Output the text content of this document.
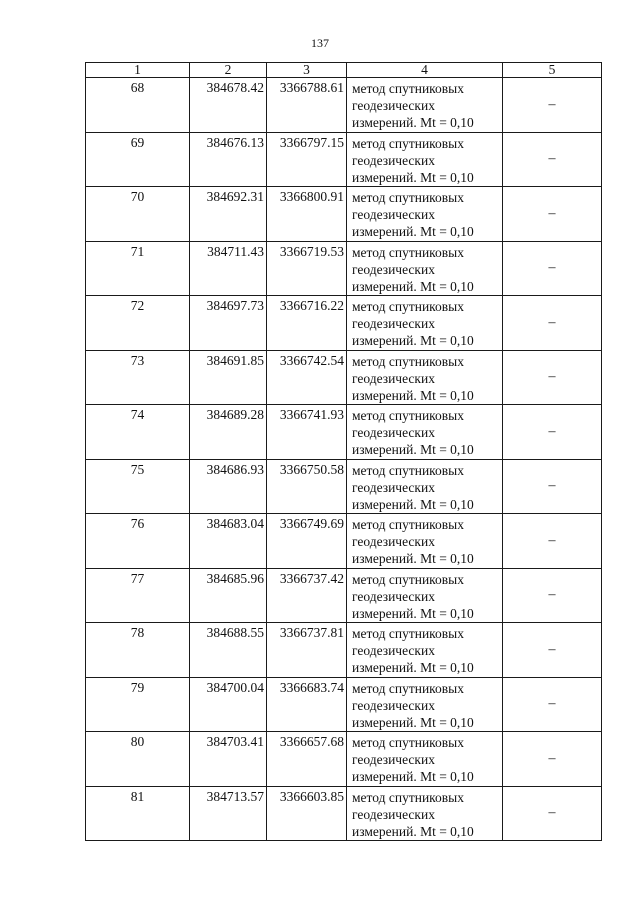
137
1	2	3	4	5
68	384678.42	3366788.61	метод спутниковых
геодезических
измерений. Mt = 0,10	–
69	384676.13	3366797.15	метод спутниковых
геодезических
измерений. Mt = 0,10	–
70	384692.31	3366800.91	метод спутниковых
геодезических
измерений. Mt = 0,10	–
71	384711.43	3366719.53	метод спутниковых
геодезических
измерений. Mt = 0,10	–
72	384697.73	3366716.22	метод спутниковых
геодезических
измерений. Mt = 0,10	–
73	384691.85	3366742.54	метод спутниковых
геодезических
измерений. Mt = 0,10	–
74	384689.28	3366741.93	метод спутниковых
геодезических
измерений. Mt = 0,10	–
75	384686.93	3366750.58	метод спутниковых
геодезических
измерений. Mt = 0,10	–
76	384683.04	3366749.69	метод спутниковых
геодезических
измерений. Mt = 0,10	–
77	384685.96	3366737.42	метод спутниковых
геодезических
измерений. Mt = 0,10	–
78	384688.55	3366737.81	метод спутниковых
геодезических
измерений. Mt = 0,10	–
79	384700.04	3366683.74	метод спутниковых
геодезических
измерений. Mt = 0,10	–
80	384703.41	3366657.68	метод спутниковых
геодезических
измерений. Mt = 0,10	–
81	384713.57	3366603.85	метод спутниковых
геодезических
измерений. Mt = 0,10	–
